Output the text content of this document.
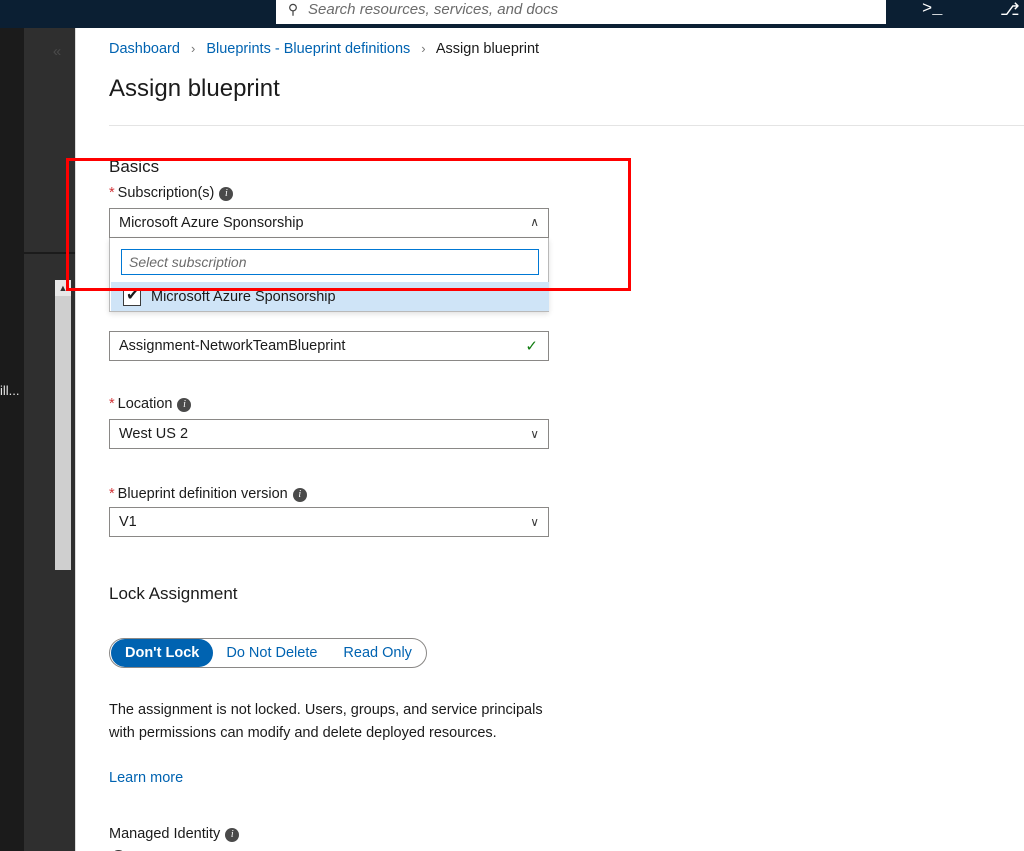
⚲ Search resources, services, and docs	>_	⎇
ill...
▲
Dashboard › Blueprints - Blueprint definitions › Assign blueprint
Assign blueprint
Basics
* Subscription(s) i
Microsoft Azure Sponsorship	∨
Select subscription
✔ Microsoft Azure Sponsorship
Assignment-NetworkTeamBlueprint	✓
* Location i
West US 2	∨
* Blueprint definition version i
V1	∨
Lock Assignment
Don't Lock	Do Not Delete	Read Only
The assignment is not locked. Users, groups, and service principals with permissions can modify and delete deployed resources.
Learn more
Managed Identity i
«
